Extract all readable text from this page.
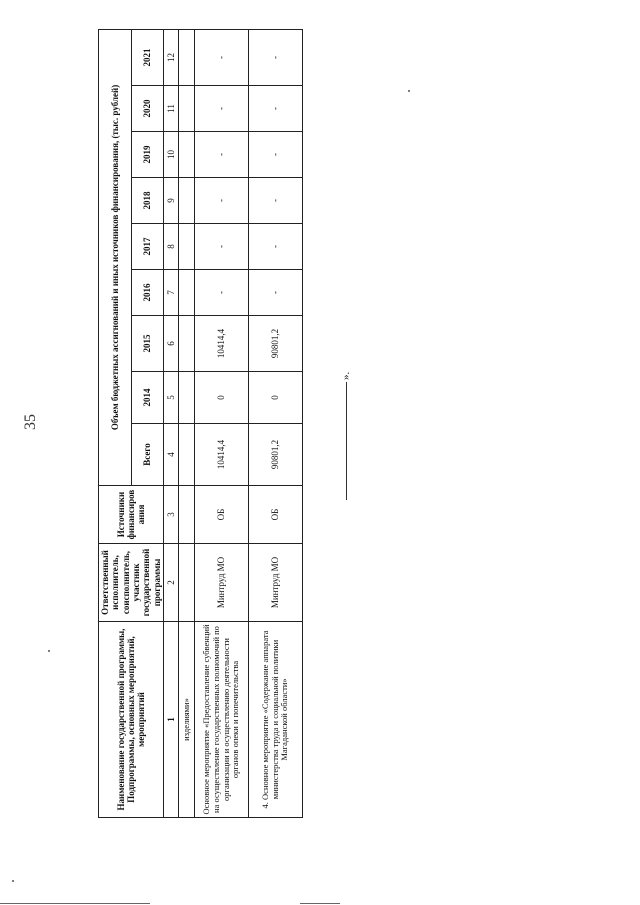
35
Наименование государственной программы, Подпрограммы, основных мероприятий, мероприятий	Ответственный исполнитель, соисполнитель, участник государственной программы	Источники финансиров ания	Объем бюджетных ассигнований и иных источников финансирования, (тыс. рублей)								
			Всего	2014	2015	2016	2017	2018	2019	2020	2021
1	2	3	4	5	6	7	8	9	10	11	12
изделиями»											
Основное мероприятие «Предоставление субвенций на осуществление государственных полномочий по организации и осуществлению деятельности органов опеки и попечительства	Минтруд МО	ОБ	10414,4	0	10414,4	-	-	-	-	-	-
4. Основное мероприятие «Содержание аппарата министерства труда и социальной политики Магаданской области»	Минтруд МО	ОБ	90801,2	0	90801,2	-	-	-	-	-	-
».
